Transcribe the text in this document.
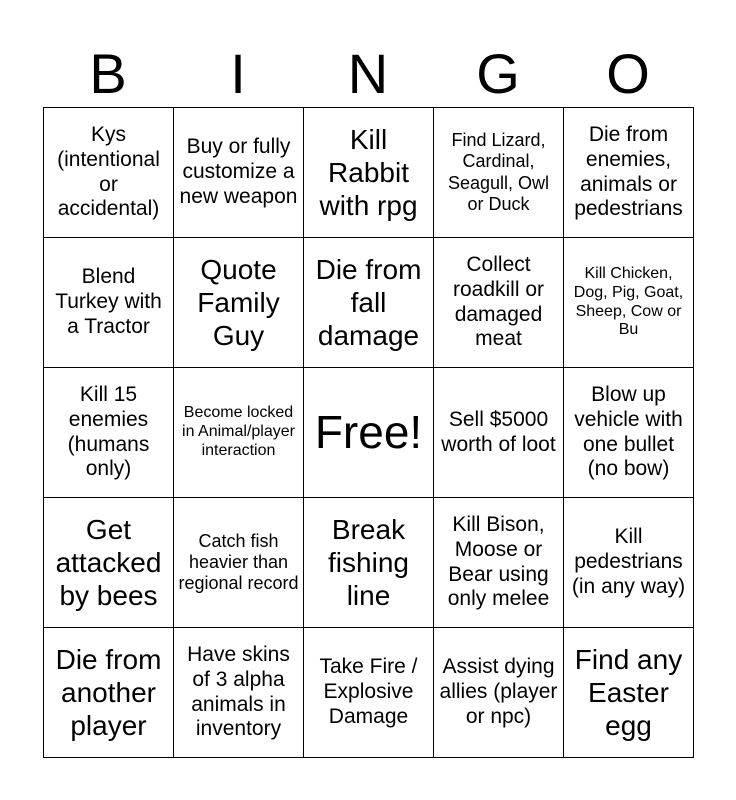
B	I	N	G	O
Kys (intentional or accidental)	Buy or fully customize a new weapon	Kill Rabbit with rpg	Find Lizard, Cardinal, Seagull, Owl or Duck	Die from enemies, animals or pedestrians

Blend Turkey with a Tractor	Quote Family Guy	Die from fall damage	Collect roadkill or damaged meat	Kill Chicken, Dog, Pig, Goat, Sheep, Cow or Bu

Kill 15 enemies (humans only)	Become locked in Animal/player interaction	Free!	Sell $5000 worth of loot	Blow up vehicle with one bullet (no bow)

Get attacked by bees	Catch fish heavier than regional record	Break fishing line	Kill Bison, Moose or Bear using only melee	Kill pedestrians (in any way)

Die from another player	Have skins of 3 alpha animals in inventory	Take Fire / Explosive Damage	Assist dying allies (player or npc)	Find any Easter egg
